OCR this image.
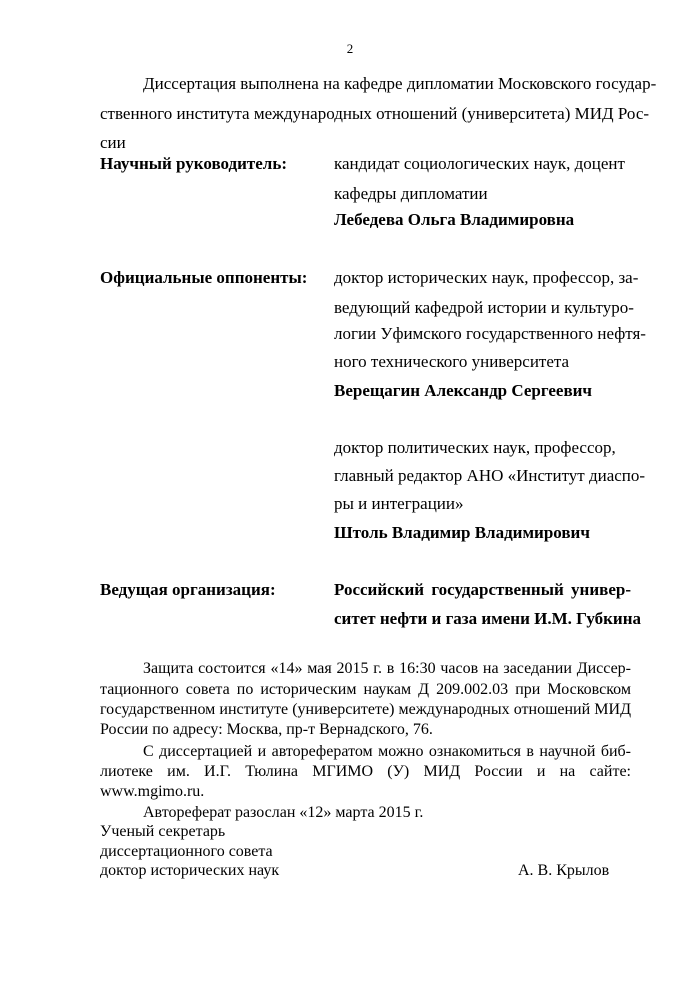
2
Диссертация выполнена на кафедре дипломатии Московского государ-
ственного института международных отношений (университета) МИД Рос-
сии
Научный руководитель:	кандидат социологических наук, доцент
кафедры дипломатии
Лебедева Ольга Владимировна
Официальные оппоненты: доктор исторических наук, профессор, за-
ведующий кафедрой истории и культуро-
логии Уфимского государственного нефтя-
ного технического университета
Верещагин Александр Сергеевич
доктор политических наук, профессор,
главный редактор АНО «Институт диаспо-
ры и интеграции»
Штоль Владимир Владимирович
Ведущая организация:	Российский государственный универ-
ситет нефти и газа имени И.М. Губкина
Защита состоится «14» мая 2015 г. в 16:30 часов на заседании Диссер-
тационного совета по историческим наукам Д 209.002.03 при Московском
государственном институте (университете) международных отношений МИД
России по адресу: Москва, пр-т Вернадского, 76.
С диссертацией и авторефератом можно ознакомиться в научной биб-
лиотеке им. И.Г. Тюлина МГИМО (У) МИД России и на сайте:
www.mgimo.ru.
Автореферат разослан «12» марта 2015 г.
Ученый секретарь
диссертационного совета
доктор исторических наук	А. В. Крылов
